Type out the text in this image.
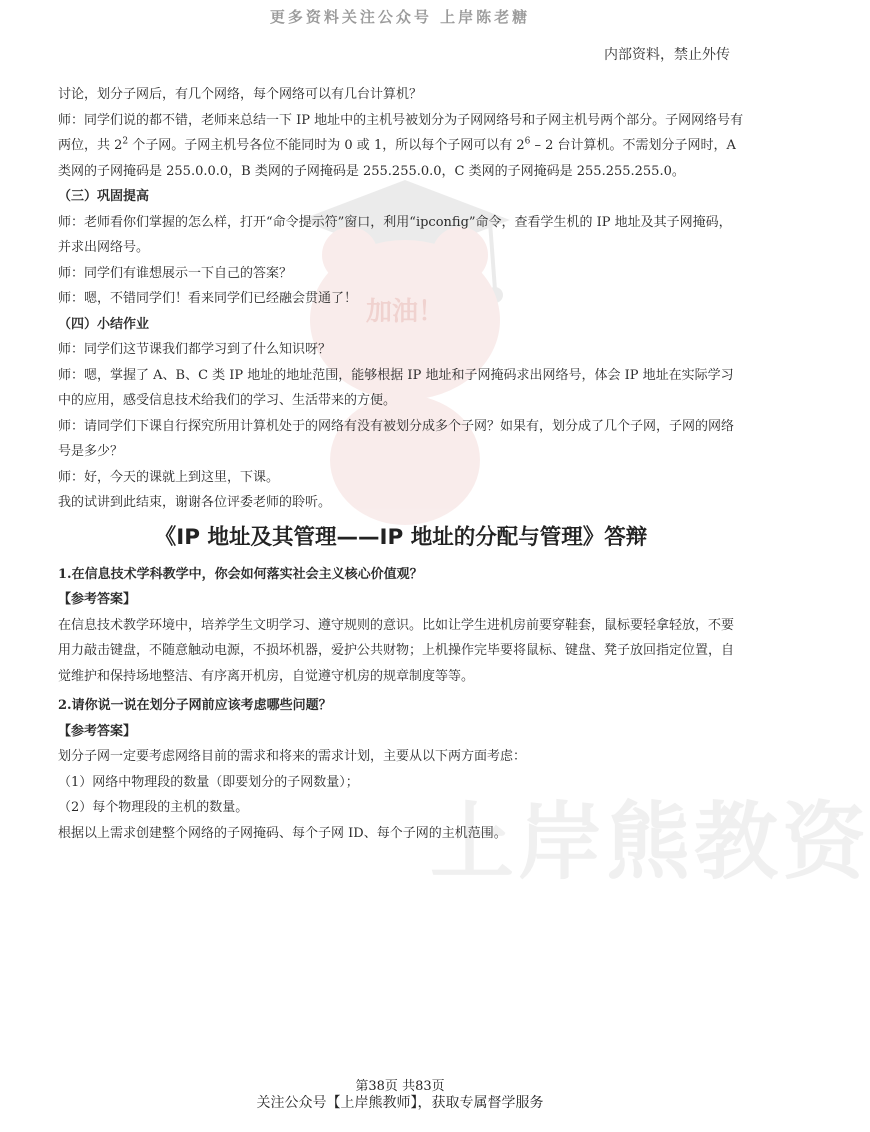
加油！
上岸熊教资
更多资料关注公众号 上岸陈老糖
内部资料，禁止外传

讨论，划分子网后，有几个网络，每个网络可以有几台计算机？

师：同学们说的都不错，老师来总结一下 IP 地址中的主机号被划分为子网网络号和子网主机号两个部分。子网网络号有两位，共 $2^2$ 个子网。子网主机号各位不能同时为 0 或 1，所以每个子网可以有 $2^6 - 2$ 台计算机。不需划分子网时，A 类网的子网掩码是 255.0.0.0，B 类网的子网掩码是 255.255.0.0，C 类网的子网掩码是 255.255.255.0。

（三）巩固提高

师：老师看你们掌握的怎么样，打开“命令提示符”窗口，利用“ipconfig”命令，查看学生机的 IP 地址及其子网掩码，并求出网络号。

师：同学们有谁想展示一下自己的答案？

师：嗯，不错同学们！看来同学们已经融会贯通了！

（四）小结作业

师：同学们这节课我们都学习到了什么知识呀？

师：嗯，掌握了 A、B、C 类 IP 地址的地址范围，能够根据 IP 地址和子网掩码求出网络号，体会 IP 地址在实际学习中的应用，感受信息技术给我们的学习、生活带来的方便。

师：请同学们下课自行探究所用计算机处于的网络有没有被划分成多个子网？如果有，划分成了几个子网，子网的网络号是多少？

师：好，今天的课就上到这里，下课。

我的试讲到此结束，谢谢各位评委老师的聆听。

《IP 地址及其管理——IP 地址的分配与管理》答辩

1.在信息技术学科教学中，你会如何落实社会主义核心价值观？

【参考答案】

在信息技术教学环境中，培养学生文明学习、遵守规则的意识。比如让学生进机房前要穿鞋套，鼠标要轻拿轻放，不要用力敲击键盘，不随意触动电源，不损坏机器，爱护公共财物；上机操作完毕要将鼠标、键盘、凳子放回指定位置，自觉维护和保持场地整洁、有序离开机房，自觉遵守机房的规章制度等等。

2.请你说一说在划分子网前应该考虑哪些问题？

【参考答案】

划分子网一定要考虑网络目前的需求和将来的需求计划，主要从以下两方面考虑：

（1）网络中物理段的数量（即要划分的子网数量）；

（2）每个物理段的主机的数量。

根据以上需求创建整个网络的子网掩码、每个子网 ID、每个子网的主机范围。

第38页 共83页
关注公众号【上岸熊教师】，获取专属督学服务
